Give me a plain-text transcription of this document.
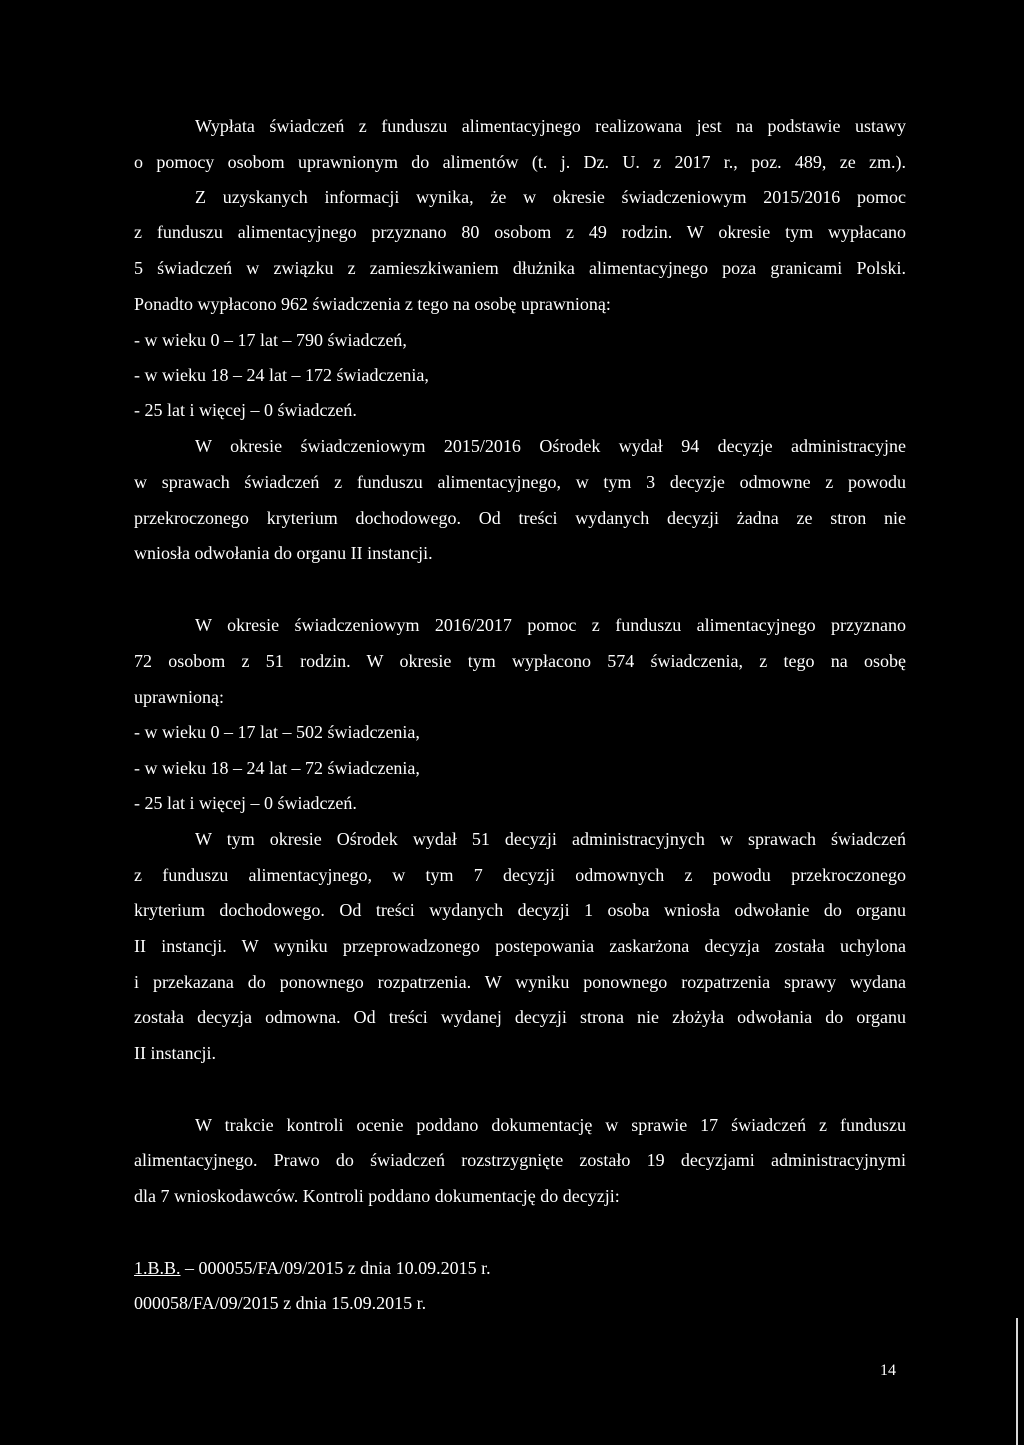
Wypłata świadczeń z funduszu alimentacyjnego realizowana jest na podstawie ustawy
o pomocy osobom uprawnionym do alimentów (t. j. Dz. U. z 2017 r., poz. 489, ze zm.).
Z uzyskanych informacji wynika, że w okresie świadczeniowym 2015/2016 pomoc
z funduszu alimentacyjnego przyznano 80 osobom z 49 rodzin. W okresie tym wypłacano
5 świadczeń w związku z zamieszkiwaniem dłużnika alimentacyjnego poza granicami Polski.
Ponadto wypłacono 962 świadczenia z tego na osobę uprawnioną:
- w wieku 0 – 17 lat – 790 świadczeń,
- w wieku 18 – 24 lat – 172 świadczenia,
- 25 lat i więcej – 0 świadczeń.
W okresie świadczeniowym 2015/2016 Ośrodek wydał 94 decyzje administracyjne
w sprawach świadczeń z funduszu alimentacyjnego, w tym 3 decyzje odmowne z powodu
przekroczonego kryterium dochodowego. Od treści wydanych decyzji żadna ze stron nie
wniosła odwołania do organu II instancji.
W okresie świadczeniowym 2016/2017 pomoc z funduszu alimentacyjnego przyznano
72 osobom z 51 rodzin. W okresie tym wypłacono 574 świadczenia, z tego na osobę
uprawnioną:
- w wieku 0 – 17 lat – 502 świadczenia,
- w wieku 18 – 24 lat – 72 świadczenia,
- 25 lat i więcej – 0 świadczeń.
W tym okresie Ośrodek wydał 51 decyzji administracyjnych w sprawach świadczeń
z funduszu alimentacyjnego, w tym 7 decyzji odmownych z powodu przekroczonego
kryterium dochodowego. Od treści wydanych decyzji 1 osoba wniosła odwołanie do organu
II instancji. W wyniku przeprowadzonego postepowania zaskarżona decyzja została uchylona
i przekazana do ponownego rozpatrzenia. W wyniku ponownego rozpatrzenia sprawy wydana
została decyzja odmowna. Od treści wydanej decyzji strona nie złożyła odwołania do organu
II instancji.
W trakcie kontroli ocenie poddano dokumentację w sprawie 17 świadczeń z funduszu
alimentacyjnego. Prawo do świadczeń rozstrzygnięte zostało 19 decyzjami administracyjnymi
dla 7 wnioskodawców. Kontroli poddano dokumentację do decyzji:
1.B.B. – 000055/FA/09/2015 z dnia 10.09.2015 r.
000058/FA/09/2015 z dnia 15.09.2015 r.
14
